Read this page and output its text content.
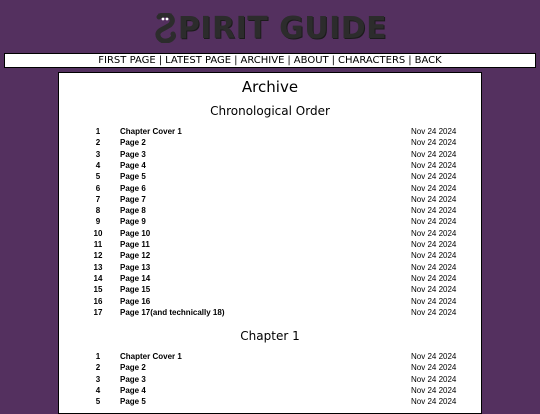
PIRIT GUIDE
FIRST PAGE | LATEST PAGE | ARCHIVE | ABOUT | CHARACTERS | BACK
Archive
Chronological Order
1	Chapter Cover 1	Nov 24 2024
2	Page 2	Nov 24 2024
3	Page 3	Nov 24 2024
4	Page 4	Nov 24 2024
5	Page 5	Nov 24 2024
6	Page 6	Nov 24 2024
7	Page 7	Nov 24 2024
8	Page 8	Nov 24 2024
9	Page 9	Nov 24 2024
10	Page 10	Nov 24 2024
11	Page 11	Nov 24 2024
12	Page 12	Nov 24 2024
13	Page 13	Nov 24 2024
14	Page 14	Nov 24 2024
15	Page 15	Nov 24 2024
16	Page 16	Nov 24 2024
17	Page 17(and technically 18)	Nov 24 2024
Chapter 1
1	Chapter Cover 1	Nov 24 2024
2	Page 2	Nov 24 2024
3	Page 3	Nov 24 2024
4	Page 4	Nov 24 2024
5	Page 5	Nov 24 2024
